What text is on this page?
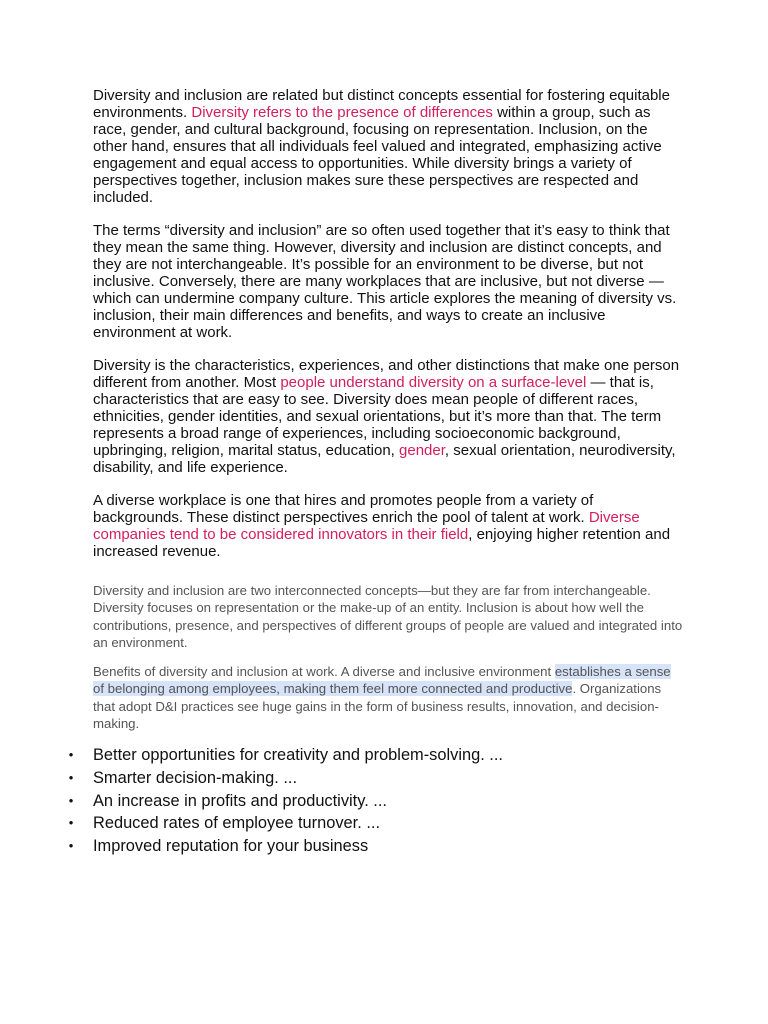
Diversity and inclusion are related but distinct concepts essential for fostering equitable environments. Diversity refers to the presence of differences within a group, such as race, gender, and cultural background, focusing on representation. Inclusion, on the other hand, ensures that all individuals feel valued and integrated, emphasizing active engagement and equal access to opportunities. While diversity brings a variety of perspectives together, inclusion makes sure these perspectives are respected and included.

The terms “diversity and inclusion” are so often used together that it’s easy to think that they mean the same thing. However, diversity and inclusion are distinct concepts, and they are not interchangeable. It’s possible for an environment to be diverse, but not inclusive. Conversely, there are many workplaces that are inclusive, but not diverse — which can undermine company culture. This article explores the meaning of diversity vs. inclusion, their main differences and benefits, and ways to create an inclusive environment at work.

Diversity is the characteristics, experiences, and other distinctions that make one person different from another. Most people understand diversity on a surface-level — that is, characteristics that are easy to see. Diversity does mean people of different races, ethnicities, gender identities, and sexual orientations, but it’s more than that. The term represents a broad range of experiences, including socioeconomic background, upbringing, religion, marital status, education, gender, sexual orientation, neurodiversity, disability, and life experience.

A diverse workplace is one that hires and promotes people from a variety of backgrounds. These distinct perspectives enrich the pool of talent at work. Diverse companies tend to be considered innovators in their field, enjoying higher retention and increased revenue.

Diversity and inclusion are two interconnected concepts—but they are far from interchangeable. Diversity focuses on representation or the make-up of an entity. Inclusion is about how well the contributions, presence, and perspectives of different groups of people are valued and integrated into an environment.

Benefits of diversity and inclusion at work. A diverse and inclusive environment establishes a sense of belonging among employees, making them feel more connected and productive. Organizations that adopt D&I practices see huge gains in the form of business results, innovation, and decision-making.

• Better opportunities for creativity and problem-solving. ...
• Smarter decision-making. ...
• An increase in profits and productivity. ...
• Reduced rates of employee turnover. ...
• Improved reputation for your business
